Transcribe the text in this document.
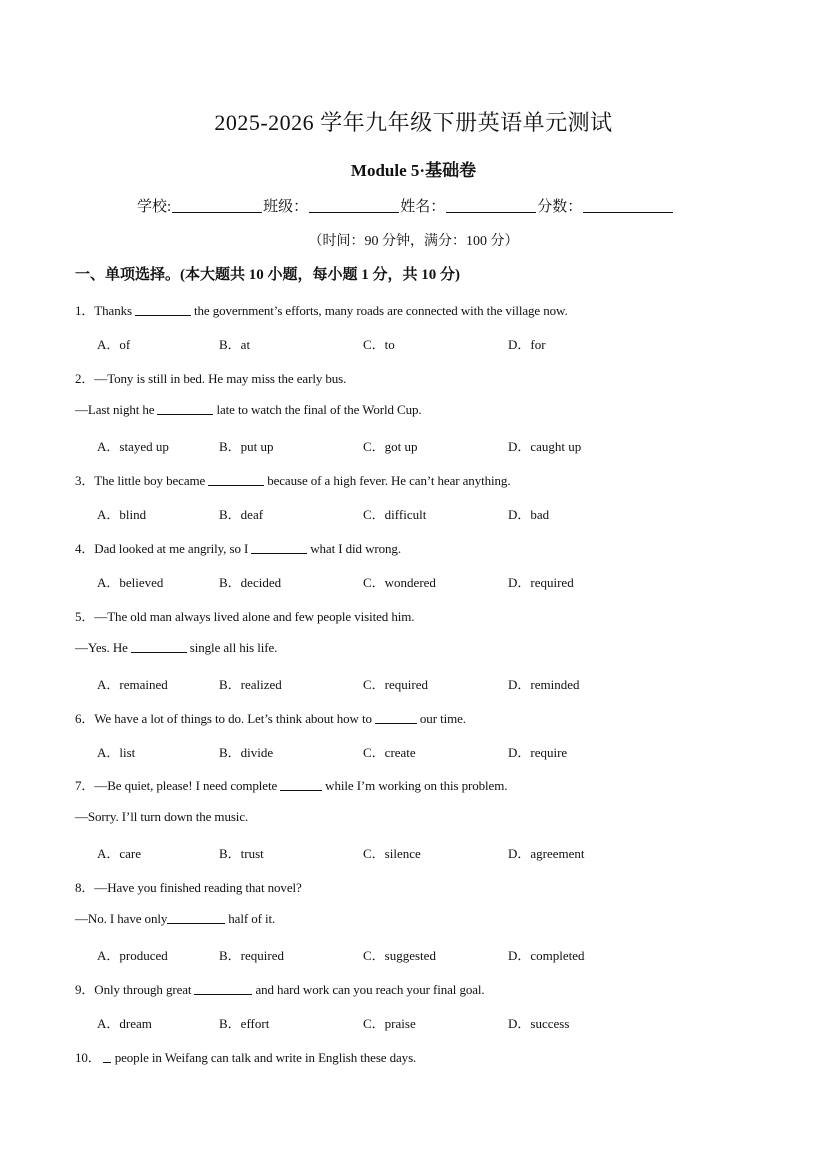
2025-2026 学年九年级下册英语单元测试
Module 5·基础卷
学校:	班级：	姓名：	分数：
（时间：90 分钟，满分：100 分）
一、单项选择。(本大题共 10 小题，每小题 1 分，共 10 分)
1．Thanks	the government’s efforts, many roads are connected with the village now.
A．of	B．at	C．to	D．for
2．—Tony is still in bed. He may miss the early bus.
—Last night he	late to watch the final of the World Cup.
A．stayed up	B．put up	C．got up	D．caught up
3．The little boy became	because of a high fever. He can’t hear anything.
A．blind	B．deaf	C．difficult	D．bad
4．Dad looked at me angrily, so I	what I did wrong.
A．believed	B．decided	C．wondered	D．required
5．—The old man always lived alone and few people visited him.
—Yes. He	single all his life.
A．remained	B．realized	C．required	D．reminded
6．We have a lot of things to do. Let’s think about how to	our time.
A．list	B．divide	C．create	D．require
7．—Be quiet, please! I need complete	while I’m working on this problem.
—Sorry. I’ll turn down the music.
A．care	B．trust	C．silence	D．agreement
8．—Have you finished reading that novel?
—No. I have only	half of it.
A．produced	B．required	C．suggested	D．completed
9．Only through great	and hard work can you reach your final goal.
A．dream	B．effort	C．praise	D．success
10． people in Weifang can talk and write in English these days.
